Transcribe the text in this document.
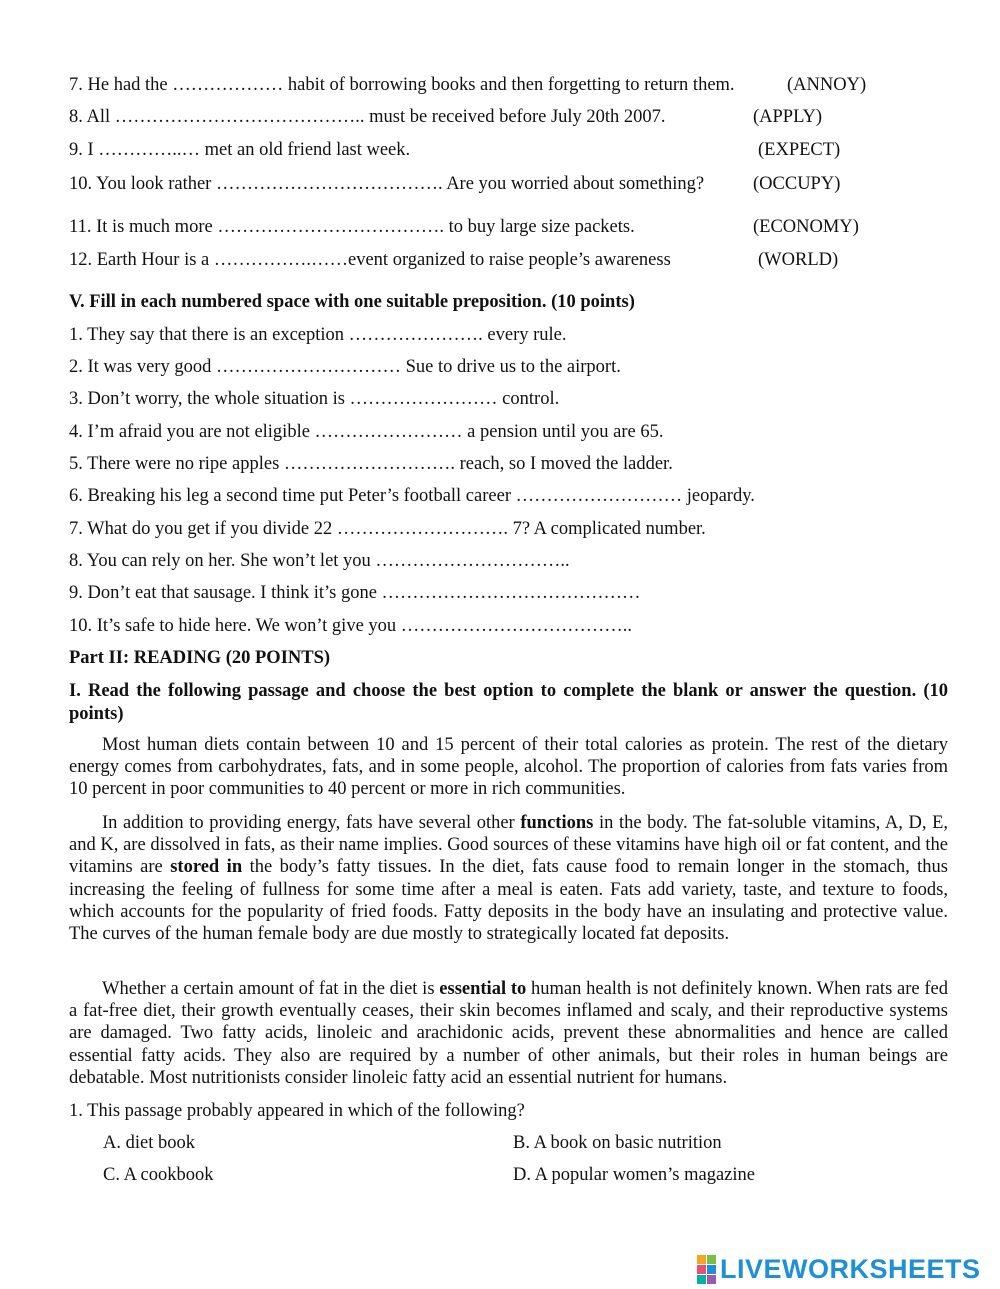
7. He had the ……………… habit of borrowing books and then forgetting to return them.	(ANNOY)
8. All ………………………………….. must be received before July 20th 2007.	(APPLY)
9. I …………..… met an old friend last week.	(EXPECT)
10. You look rather ………………………………. Are you worried about something?	(OCCUPY)
11. It is much more ………………………………. to buy large size packets.	(ECONOMY)
12. Earth Hour is a …………….……event organized to raise people’s awareness	(WORLD)
V. Fill in each numbered space with one suitable preposition. (10 points)
1. They say that there is an exception …………………. every rule.
2. It was very good ………………………… Sue to drive us to the airport.
3. Don’t worry, the whole situation is …………………… control.
4. I’m afraid you are not eligible …………………… a pension until you are 65.
5. There were no ripe apples ………………………. reach, so I moved the ladder.
6. Breaking his leg a second time put Peter’s football career ……………………… jeopardy.
7. What do you get if you divide 22 ………………………. 7? A complicated number.
8. You can rely on her. She won’t let you …………………………..
9. Don’t eat that sausage. I think it’s gone ……………………………………
10. It’s safe to hide here. We won’t give you ………………………………..
Part II: READING (20 POINTS)
I. Read the following passage and choose the best option to complete the blank or answer the question. (10 points)
Most human diets contain between 10 and 15 percent of their total calories as protein. The rest of the dietary energy comes from carbohydrates, fats, and in some people, alcohol. The proportion of calories from fats varies from 10 percent in poor communities to 40 percent or more in rich communities.
In addition to providing energy, fats have several other functions in the body. The fat-soluble vitamins, A, D, E, and K, are dissolved in fats, as their name implies. Good sources of these vitamins have high oil or fat content, and the vitamins are stored in the body’s fatty tissues. In the diet, fats cause food to remain longer in the stomach, thus increasing the feeling of fullness for some time after a meal is eaten. Fats add variety, taste, and texture to foods, which accounts for the popularity of fried foods. Fatty deposits in the body have an insulating and protective value. The curves of the human female body are due mostly to strategically located fat deposits.
Whether a certain amount of fat in the diet is essential to human health is not definitely known. When rats are fed a fat-free diet, their growth eventually ceases, their skin becomes inflamed and scaly, and their reproductive systems are damaged. Two fatty acids, linoleic and arachidonic acids, prevent these abnormalities and hence are called essential fatty acids. They also are required by a number of other animals, but their roles in human beings are debatable. Most nutritionists consider linoleic fatty acid an essential nutrient for humans.
1. This passage probably appeared in which of the following?
A. diet book	B. A book on basic nutrition
C. A cookbook	D. A popular women’s magazine
LIVEWORKSHEETS
